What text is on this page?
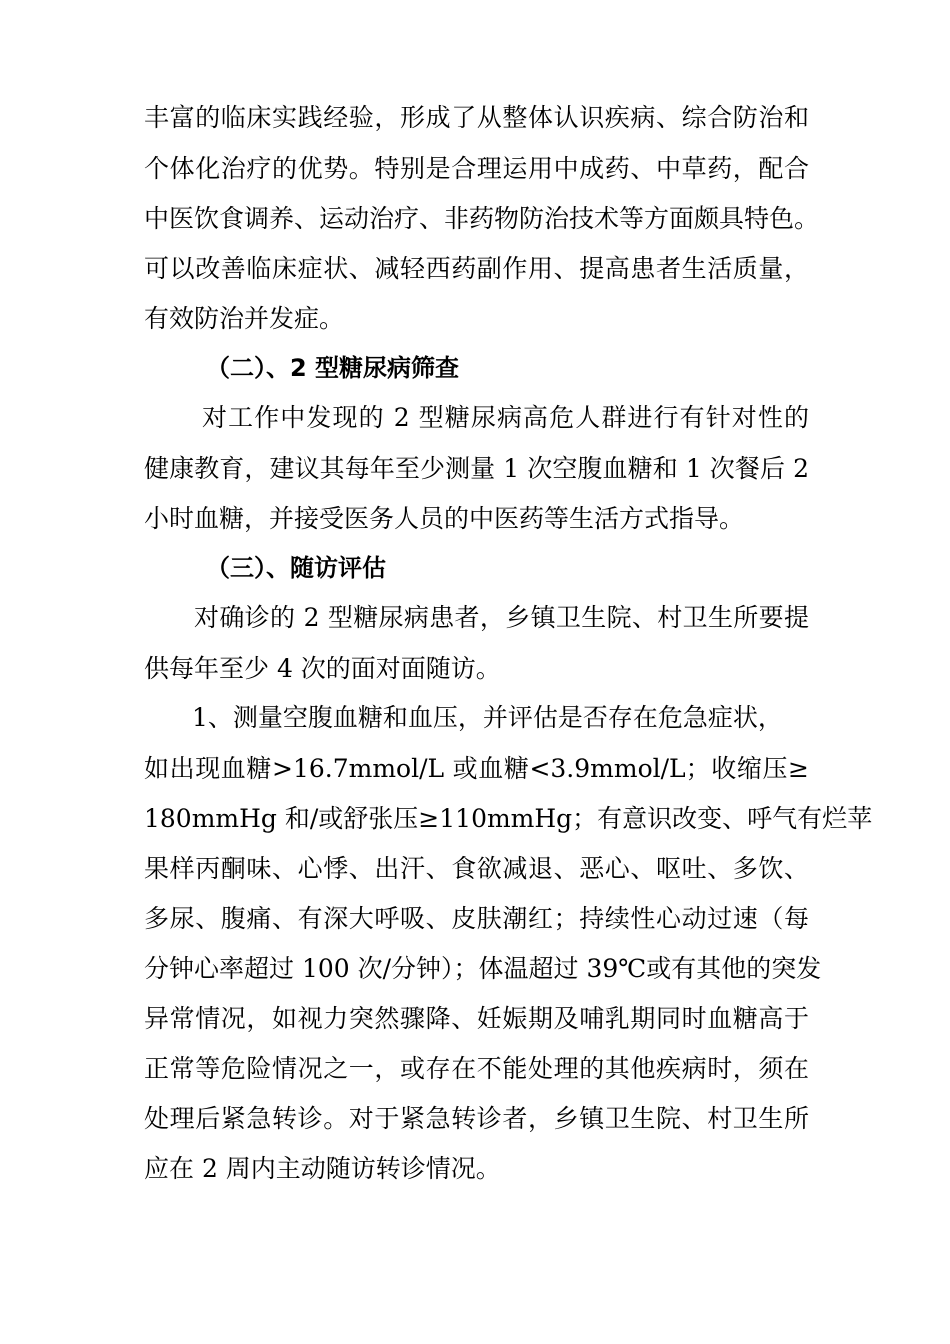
丰富的临床实践经验，形成了从整体认识疾病、综合防治和
个体化治疗的优势。特别是合理运用中成药、中草药，配合
中医饮食调养、运动治疗、非药物防治技术等方面颇具特色。
可以改善临床症状、减轻西药副作用、提高患者生活质量，
有效防治并发症。
（二）、2 型糖尿病筛查
对工作中发现的 2 型糖尿病高危人群进行有针对性的
健康教育，建议其每年至少测量 1 次空腹血糖和 1 次餐后 2
小时血糖，并接受医务人员的中医药等生活方式指导。
（三）、随访评估
对确诊的 2 型糖尿病患者，乡镇卫生院、村卫生所要提
供每年至少 4 次的面对面随访。
1、测量空腹血糖和血压，并评估是否存在危急症状，
如出现血糖>16.7mmol/L 或血糖<3.9mmol/L；收缩压≥
180mmHg 和/或舒张压≥110mmHg；有意识改变、呼气有烂苹
果样丙酮味、心悸、出汗、食欲减退、恶心、呕吐、多饮、
多尿、腹痛、有深大呼吸、皮肤潮红；持续性心动过速（每
分钟心率超过 100 次/分钟）；体温超过 39℃或有其他的突发
异常情况，如视力突然骤降、妊娠期及哺乳期同时血糖高于
正常等危险情况之一，或存在不能处理的其他疾病时，须在
处理后紧急转诊。对于紧急转诊者，乡镇卫生院、村卫生所
应在 2 周内主动随访转诊情况。
